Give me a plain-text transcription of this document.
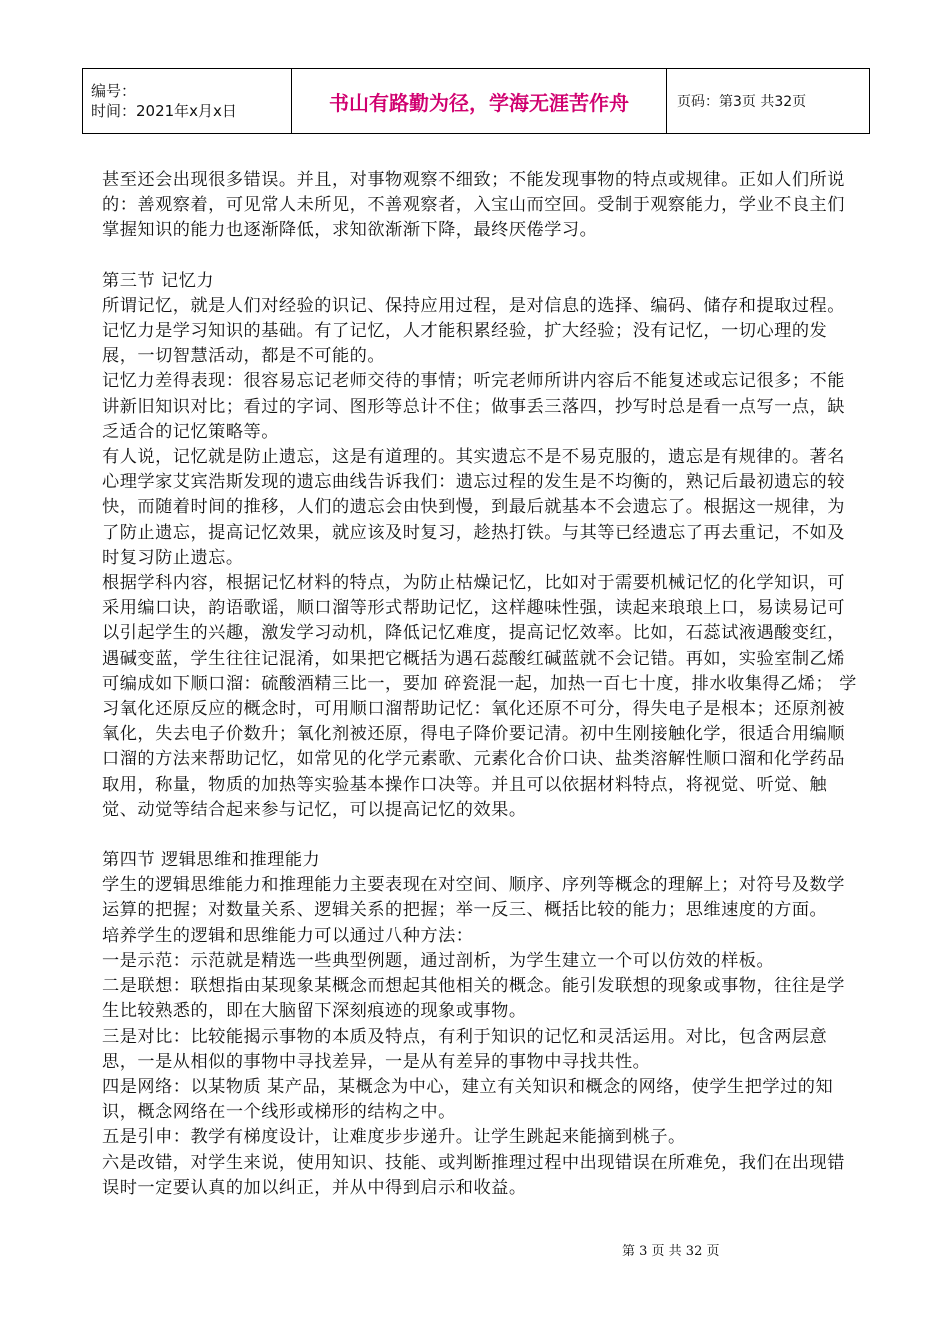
编号：
时间：2021年x月x日	书山有路勤为径，学海无涯苦作舟	页码：第3页 共32页

甚至还会出现很多错误。并且，对事物观察不细致；不能发现事物的特点或规律。正如人们所说的：善观察着，可见常人未所见，不善观察者，入宝山而空回。受制于观察能力，学业不良主们掌握知识的能力也逐渐降低，求知欲渐渐下降，最终厌倦学习。

第三节 记忆力

所谓记忆，就是人们对经验的识记、保持应用过程，是对信息的选择、编码、储存和提取过程。记忆力是学习知识的基础。有了记忆，人才能积累经验，扩大经验；没有记忆，一切心理的发展，一切智慧活动，都是不可能的。

记忆力差得表现：很容易忘记老师交待的事情；听完老师所讲内容后不能复述或忘记很多；不能讲新旧知识对比；看过的字词、图形等总计不住；做事丢三落四，抄写时总是看一点写一点，缺乏适合的记忆策略等。

有人说，记忆就是防止遗忘，这是有道理的。其实遗忘不是不易克服的，遗忘是有规律的。著名心理学家艾宾浩斯发现的遗忘曲线告诉我们：遗忘过程的发生是不均衡的，熟记后最初遗忘的较快，而随着时间的推移，人们的遗忘会由快到慢，到最后就基本不会遗忘了。根据这一规律，为了防止遗忘，提高记忆效果，就应该及时复习，趁热打铁。与其等已经遗忘了再去重记，不如及时复习防止遗忘。

根据学科内容，根据记忆材料的特点，为防止枯燥记忆，比如对于需要机械记忆的化学知识，可采用编口诀，韵语歌谣，顺口溜等形式帮助记忆，这样趣味性强，读起来琅琅上口，易读易记可以引起学生的兴趣，激发学习动机，降低记忆难度，提高记忆效率。比如，石蕊试液遇酸变红，遇碱变蓝，学生往往记混淆，如果把它概括为遇石蕊酸红碱蓝就不会记错。再如，实验室制乙烯可编成如下顺口溜：硫酸酒精三比一，要加 碎瓷混一起，加热一百七十度，排水收集得乙烯； 学习氧化还原反应的概念时，可用顺口溜帮助记忆：氧化还原不可分，得失电子是根本；还原剂被氧化，失去电子价数升；氧化剂被还原，得电子降价要记清。初中生刚接触化学，很适合用编顺口溜的方法来帮助记忆，如常见的化学元素歌、元素化合价口诀、盐类溶解性顺口溜和化学药品取用，称量，物质的加热等实验基本操作口决等。并且可以依据材料特点，将视觉、听觉、触觉、动觉等结合起来参与记忆，可以提高记忆的效果。

第四节 逻辑思维和推理能力

学生的逻辑思维能力和推理能力主要表现在对空间、顺序、序列等概念的理解上；对符号及数学运算的把握；对数量关系、逻辑关系的把握；举一反三、概括比较的能力；思维速度的方面。

培养学生的逻辑和思维能力可以通过八种方法：

一是示范：示范就是精选一些典型例题，通过剖析，为学生建立一个可以仿效的样板。

二是联想：联想指由某现象某概念而想起其他相关的概念。能引发联想的现象或事物，往往是学生比较熟悉的，即在大脑留下深刻痕迹的现象或事物。

三是对比：比较能揭示事物的本质及特点，有利于知识的记忆和灵活运用。对比，包含两层意思，一是从相似的事物中寻找差异，一是从有差异的事物中寻找共性。

四是网络：以某物质 某产品，某概念为中心，建立有关知识和概念的网络，使学生把学过的知识，概念网络在一个线形或梯形的结构之中。

五是引申：教学有梯度设计，让难度步步递升。让学生跳起来能摘到桃子。

六是改错，对学生来说，使用知识、技能、或判断推理过程中出现错误在所难免，我们在出现错误时一定要认真的加以纠正，并从中得到启示和收益。

第 3 页 共 32 页
